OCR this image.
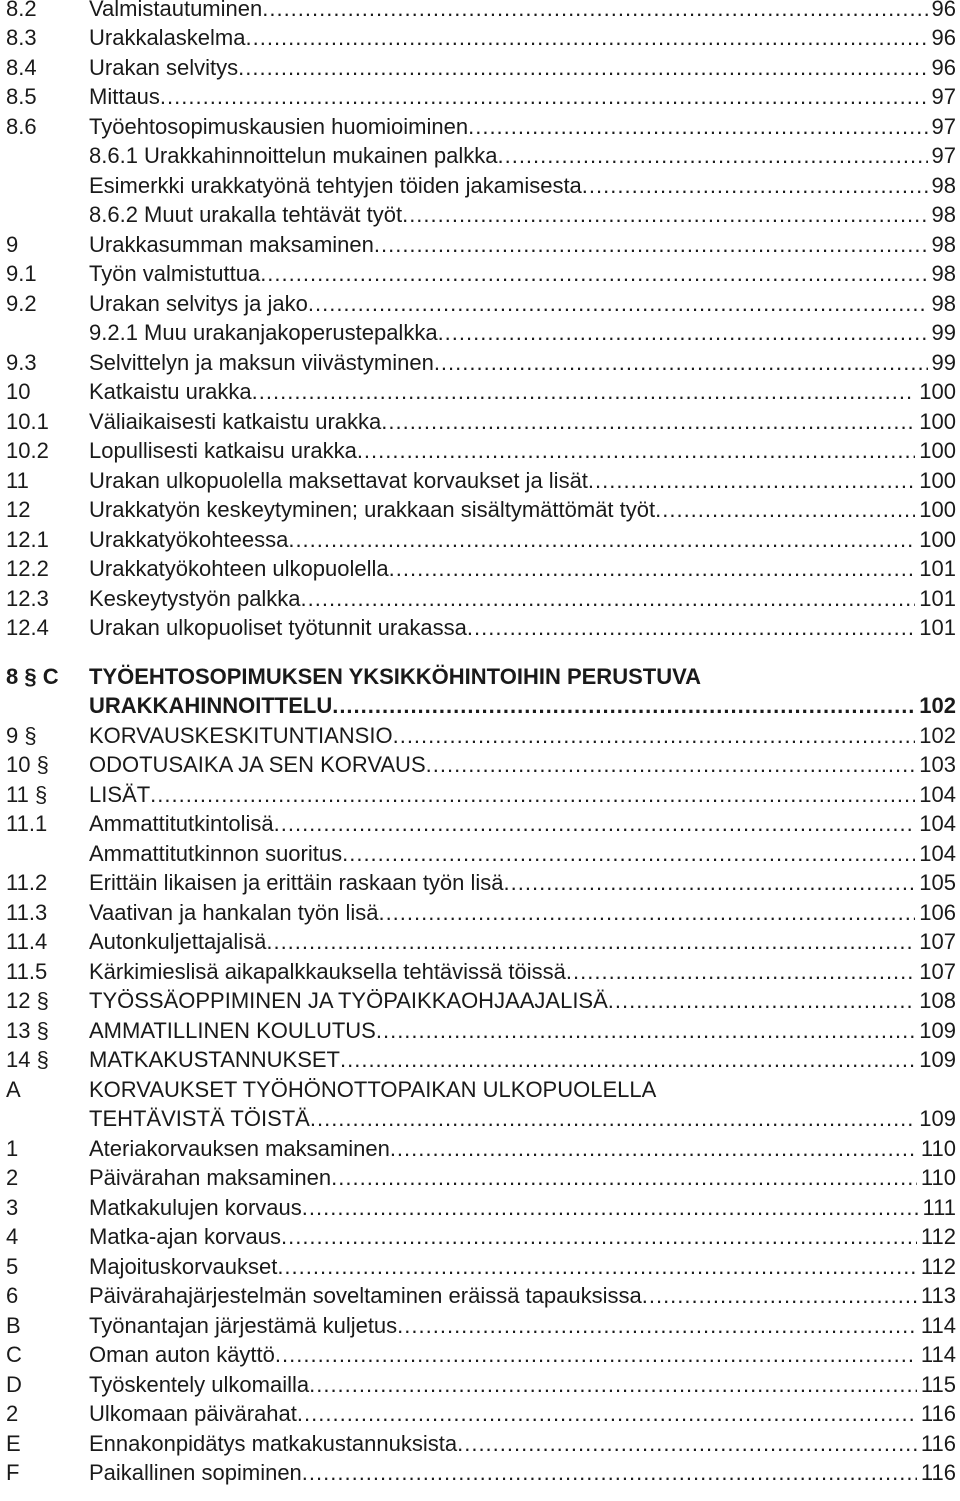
8.2 Valmistautuminen .....	96
8.3 Urakkalaskelma .....	96
8.4 Urakan selvitys .....	96
8.5 Mittaus .....	97
8.6 Työehtosopimuskausien huomioiminen .....	97
8.6.1 Urakkahinnoittelun mukainen palkka .....	97
Esimerkki urakkatyönä tehtyjen töiden jakamisesta .....	98
8.6.2 Muut urakalla tehtävät työt .....	98
9	Urakkasumman maksaminen .....	98
9.1 Työn valmistuttua .....	98
9.2 Urakan selvitys ja jako .....	98
9.2.1 Muu urakanjakoperustepalkka .....	99
9.3 Selvittelyn ja maksun viivästyminen .....	99
10	Katkaistu urakka .....	100
10.1 Väliaikaisesti katkaistu urakka .....	100
10.2 Lopullisesti katkaisu urakka .....	100
11	Urakan ulkopuolella maksettavat korvaukset ja lisät .....	100
12	Urakkatyön keskeytyminen; urakkaan sisältymättömät työt .....	100
12.1 Urakkatyökohteessa .....	100
12.2 Urakkatyökohteen ulkopuolella .....	101
12.3 Keskeytystyön palkka .....	101
12.4 Urakan ulkopuoliset työtunnit urakassa .....	101
8 § C TYÖEHTOSOPIMUKSEN YKSIKKÖHINTOIHIN PERUSTUVA
URAKKAHINNOITTELU .....	102
9 § KORVAUSKESKITUNTIANSIO .....	102
10 § ODOTUSAIKA JA SEN KORVAUS .....	103
11 § LISÄT .....	104
11.1 Ammattitutkintolisä .....	104
Ammattitutkinnon suoritus .....	104
11.2 Erittäin likaisen ja erittäin raskaan työn lisä .....	105
11.3 Vaativan ja hankalan työn lisä .....	106
11.4 Autonkuljettajalisä .....	107
11.5 Kärkimieslisä aikapalkkauksella tehtävissä töissä .....	107
12 § TYÖSSÄOPPIMINEN JA TYÖPAIKKAOHJAAJALISÄ .....	108
13 § AMMATILLINEN KOULUTUS .....	109
14 § MATKAKUSTANNUKSET .....	109
A	KORVAUKSET TYÖHÖNOTTOPAIKAN ULKOPUOLELLA
TEHTÄVISTÄ TÖISTÄ .....	109
1	Ateriakorvauksen maksaminen .....	110
2	Päivärahan maksaminen .....	110
3	Matkakulujen korvaus .....	111
4	Matka-ajan korvaus .....	112
5	Majoituskorvaukset .....	112
6	Päivärahajärjestelmän soveltaminen eräissä tapauksissa .....	113
B	Työnantajan järjestämä kuljetus .....	114
C	Oman auton käyttö .....	114
D	Työskentely ulkomailla .....	115
2	Ulkomaan päivärahat .....	116
E	Ennakonpidätys matkakustannuksista .....	116
F	Paikallinen sopiminen .....	116
